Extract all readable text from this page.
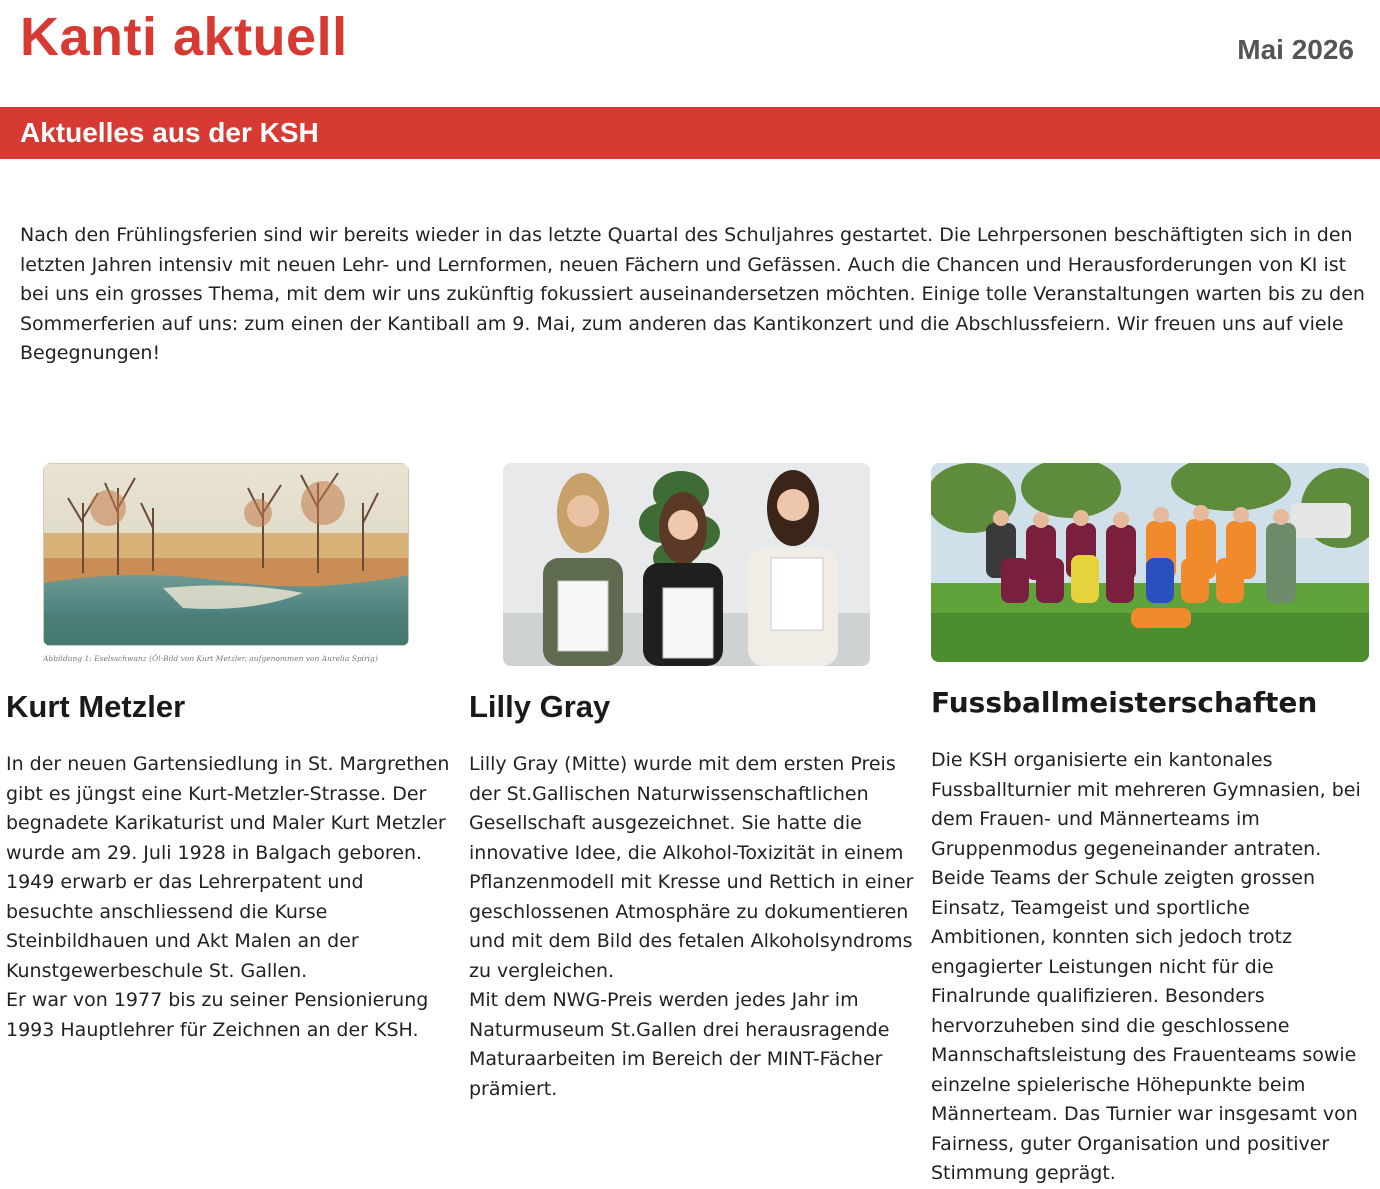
Kanti aktuell	Mai 2026
Aktuelles aus der KSH

Nach den Frühlingsferien sind wir bereits wieder in das letzte Quartal des Schuljahres gestartet. Die Lehrpersonen beschäftigten sich in den letzten Jahren intensiv mit neuen Lehr- und Lernformen, neuen Fächern und Gefässen. Auch die Chancen und Herausforderungen von KI ist bei uns ein grosses Thema, mit dem wir uns zukünftig fokussiert auseinandersetzen möchten. Einige tolle Veranstaltungen warten bis zu den Sommerferien auf uns: zum einen der Kantiball am 9. Mai, zum anderen das Kantikonzert und die Abschlussfeiern. Wir freuen uns auf viele Begegnungen!

Abbildung 1: Eselsschwanz (Öl-Bild von Kurt Metzler, aufgenommen von Aurelia Spirig)
Kurt Metzler	Lilly Gray	Fussballmeisterschaften
In der neuen Gartensiedlung in St. Margrethen gibt es jüngst eine Kurt-Metzler-Strasse. Der begnadete Karikaturist und Maler Kurt Metzler wurde am 29. Juli 1928 in Balgach geboren. 1949 erwarb er das Lehrerpatent und besuchte anschliessend die Kurse Steinbildhauen und Akt Malen an der Kunstgewerbeschule St. Gallen.
Er war von 1977 bis zu seiner Pensionierung 1993 Hauptlehrer für Zeichnen an der KSH.
Lilly Gray (Mitte) wurde mit dem ersten Preis der St.Gallischen Naturwissenschaftlichen Gesellschaft ausgezeichnet. Sie hatte die innovative Idee, die Alkohol-Toxizität in einem Pflanzenmodell mit Kresse und Rettich in einer geschlossenen Atmosphäre zu dokumentieren und mit dem Bild des fetalen Alkoholsyndroms zu vergleichen.
Mit dem NWG-Preis werden jedes Jahr im Naturmuseum St.Gallen drei herausragende Maturaarbeiten im Bereich der MINT-Fächer prämiert.
Die KSH organisierte ein kantonales Fussballturnier mit mehreren Gymnasien, bei dem Frauen- und Männerteams im Gruppenmodus gegeneinander antraten. Beide Teams der Schule zeigten grossen Einsatz, Teamgeist und sportliche Ambitionen, konnten sich jedoch trotz engagierter Leistungen nicht für die Finalrunde qualifizieren. Besonders hervorzuheben sind die geschlossene Mannschaftsleistung des Frauenteams sowie einzelne spielerische Höhepunkte beim Männerteam. Das Turnier war insgesamt von Fairness, guter Organisation und positiver Stimmung geprägt.
